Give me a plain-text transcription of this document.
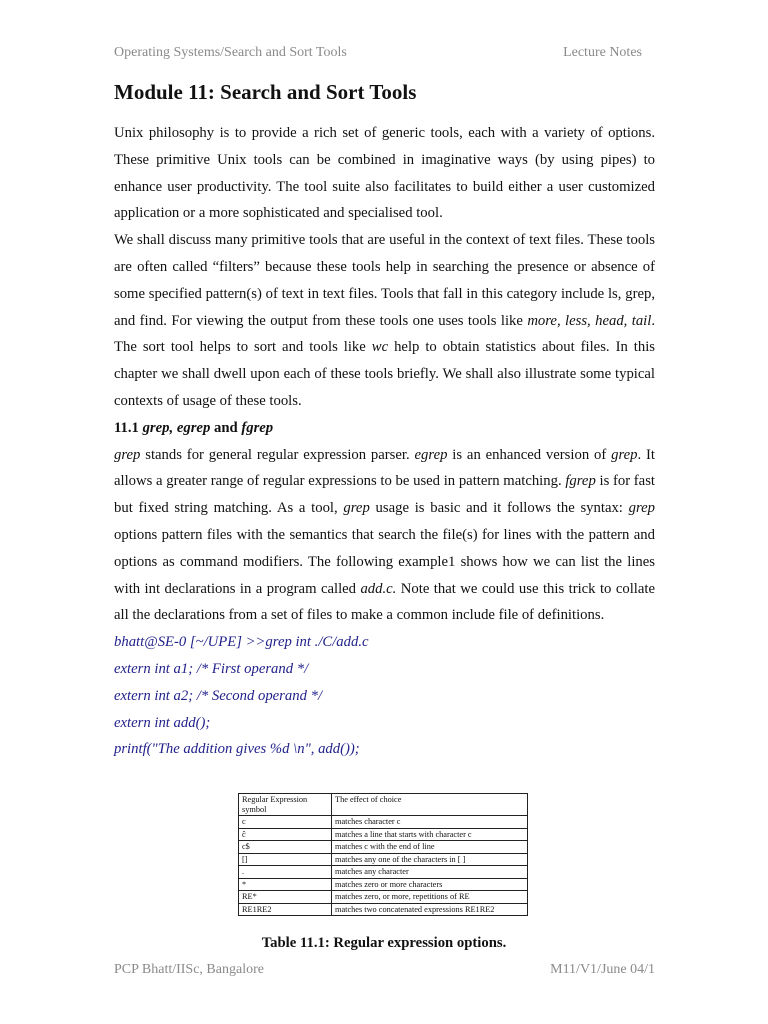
Operating Systems/Search and Sort Tools	Lecture Notes
Module 11: Search and Sort Tools

Unix philosophy is to provide a rich set of generic tools, each with a variety of options. These primitive Unix tools can be combined in imaginative ways (by using pipes) to enhance user productivity. The tool suite also facilitates to build either a user customized application or a more sophisticated and specialised tool.

We shall discuss many primitive tools that are useful in the context of text files. These tools are often called “filters” because these tools help in searching the presence or absence of some specified pattern(s) of text in text files. Tools that fall in this category include ls, grep, and find. For viewing the output from these tools one uses tools like more, less, head, tail. The sort tool helps to sort and tools like wc help to obtain statistics about files. In this chapter we shall dwell upon each of these tools briefly. We shall also illustrate some typical contexts of usage of these tools.

11.1 grep, egrep and fgrep

grep stands for general regular expression parser. egrep is an enhanced version of grep. It allows a greater range of regular expressions to be used in pattern matching. fgrep is for fast but fixed string matching. As a tool, grep usage is basic and it follows the syntax: grep options pattern files with the semantics that search the file(s) for lines with the pattern and options as command modifiers. The following example1 shows how we can list the lines with int declarations in a program called add.c. Note that we could use this trick to collate all the declarations from a set of files to make a common include file of definitions.

bhatt@SE-0 [~/UPE] >>grep int ./C/add.c
extern int a1; /* First operand */
extern int a2; /* Second operand */
extern int add();
printf("The addition gives %d \n", add());
Regular Expression symbol	The effect of choice
c	matches character c
ĉ	matches a line that starts with character c
c$	matches c with the end of line
[]	matches any one of the characters in [ ]
.	matches any character
*	matches zero or more characters
RE*	matches zero, or more, repetitions of RE
RE1RE2	matches two concatenated expressions RE1RE2
Table 11.1: Regular expression options.
PCP Bhatt/IISc, Bangalore	M11/V1/June 04/1
